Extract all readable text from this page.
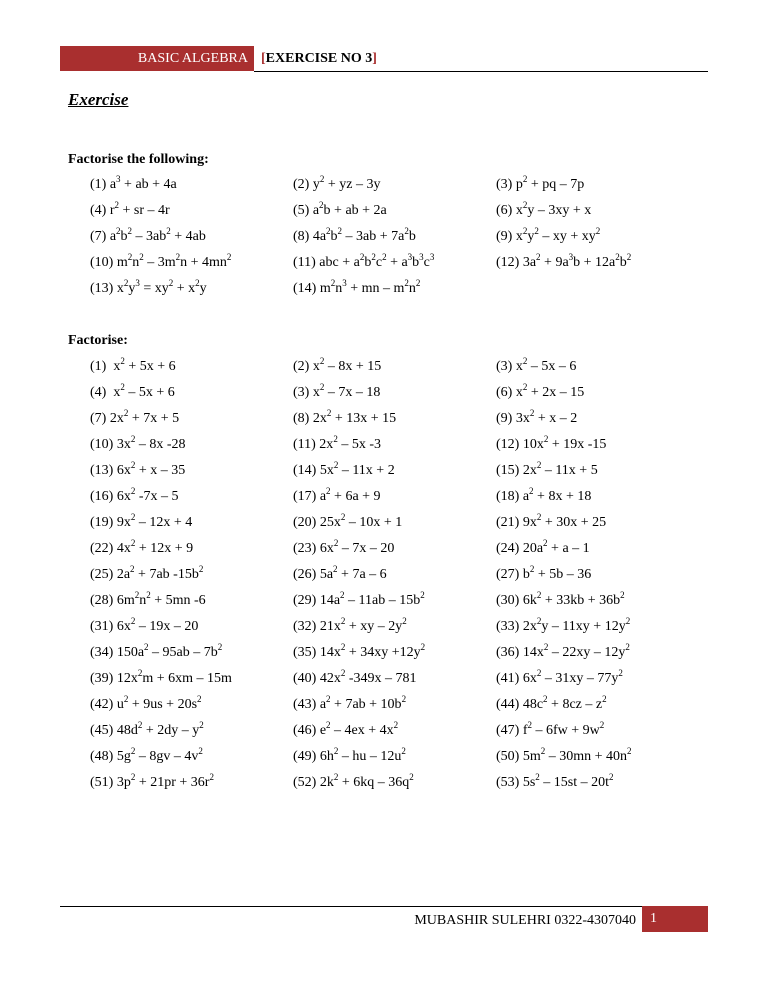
BASIC ALGEBRA [EXERCISE NO 3]
Exercise
Factorise the following:
(1) $a^3$ + ab + 4a	(2) $y^2$ + yz – 3y	(3) $p^2$ + pq – 7p
(4) $r^2$ + sr – 4r	(5) $a^2b$ + ab + 2a	(6) $x^2y - 3xy + x$
(7) $a^2b^2 - 3ab^2 + 4ab$	(8) $4a^2b^2 - 3ab + 7a^2b$	(9) $x^2y^2$ – xy + $xy^2$
(10) $m^2n^2 - 3m^2n + 4mn^2$	(11) abc + $a^2b^2c^2 + a^3b^3c^3$	(12) $3a^2 + 9a^3b + 12a^2b^2$
(13) $x^2y^3 = xy^2 + x^2y$	(14) $m^2n^3$ + mn – $m^2n^2$
Factorise:
(1)  $x^2 + 5x + 6$	(2) $x^2 - 8x + 15$	(3) $x^2 - 5x - 6$
(4)  $x^2 - 5x + 6$	(3) $x^2 - 7x - 18$	(6) $x^2 + 2x - 15$
(7) $2x^2 + 7x + 5$	(8) $2x^2 + 13x + 15$	(9) $3x^2 + x - 2$
(10) $3x^2 - 8x$ -28	(11) $2x^2 - 5x$ -3	(12) $10x^2 + 19x$ -15
(13) $6x^2 + x - 35$	(14) $5x^2 - 11x + 2$	(15) $2x^2 - 11x + 5$
(16) $6x^2$ -7x – 5	(17) $a^2 + 6a + 9$	(18) $a^2 + 8x + 18$
(19) $9x^2 - 12x + 4$	(20) $25x^2 - 10x + 1$	(21) $9x^2 + 30x + 25$
(22) $4x^2 + 12x + 9$	(23) $6x^2 - 7x - 20$	(24) $20a^2 + a - 1$
(25) $2a^2 + 7ab$ $-15b^2$	(26) $5a^2 + 7a - 6$	(27) $b^2 + 5b - 36$
(28) $6m^2n^2 + 5mn$ -6	(29) $14a^2 - 11ab - 15b^2$	(30) $6k^2 + 33kb + 36b^2$
(31) $6x^2 - 19x - 20$	(32) $21x^2$ + xy – $2y^2$	(33) $2x^2y - 11xy + 12y^2$
(34) $150a^2 - 95ab - 7b^2$	(35) $14x^2 + 34xy +12y^2$	(36) $14x^2 - 22xy - 12y^2$
(39) $12x^2m + 6xm - 15m$	(40) $42x^2$ -349x – 781	(41) $6x^2 - 31xy - 77y^2$
(42) $u^2 + 9us + 20s^2$	(43) $a^2 + 7ab + 10b^2$	(44) $48c^2 + 8cz - z^2$
(45) $48d^2 + 2dy - y^2$	(46) $e^2 - 4ex + 4x^2$	(47) $f^2 - 6fw + 9w^2$
(48) $5g^2 - 8gv - 4v^2$	(49) $6h^2$ – hu – $12u^2$	(50) $5m^2 - 30mn + 40n^2$
(51) $3p^2 + 21pr + 36r^2$	(52) $2k^2 + 6kq - 36q^2$	(53) $5s^2 - 15st - 20t^2$
MUBASHIR SULEHRI 0322-4307040	1
